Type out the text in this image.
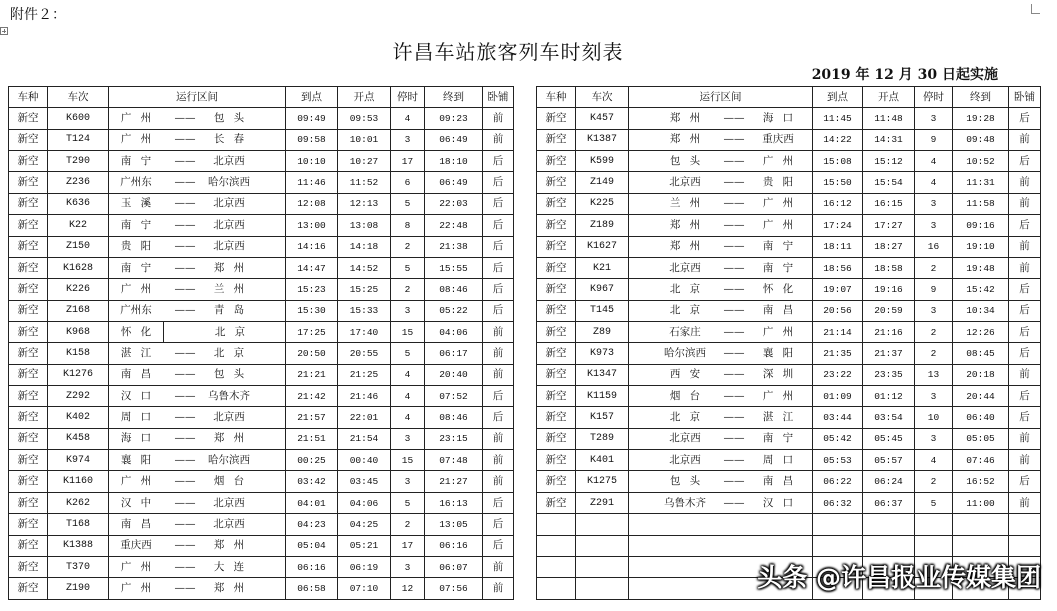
附件２：
许昌车站旅客列车时刻表
2019 年 12 月 30 日起实施
车种	车次	运行区间	到点	开点	停时	终到	卧铺
新空	K600	广 州 —— 包 头	09:49	09:53	4	09:23	前
新空	T124	广 州 —— 长 春	09:58	10:01	3	06:49	前
新空	T290	南 宁 —— 北京西	10:10	10:27	17	18:10	后
新空	Z236	广州东 —— 哈尔滨西	11:46	11:52	6	06:49	后
新空	K636	玉 溪 —— 北京西	12:08	12:13	5	22:03	后
新空	K22	南 宁 —— 北京西	13:00	13:08	8	22:48	后
新空	Z150	贵 阳 —— 北京西	14:16	14:18	2	21:38	后
新空	K1628	南 宁 —— 郑 州	14:47	14:52	5	15:55	后
新空	K226	广 州 —— 兰 州	15:23	15:25	2	08:46	后
新空	Z168	广州东 —— 青 岛	15:30	15:33	3	05:22	后
新空	K968	怀 化 北 京	17:25	17:40	15	04:06	前
新空	K158	湛 江 —— 北 京	20:50	20:55	5	06:17	前
新空	K1276	南 昌 —— 包 头	21:21	21:25	4	20:40	前
新空	Z292	汉 口 —— 乌鲁木齐	21:42	21:46	4	07:52	后
新空	K402	周 口 —— 北京西	21:57	22:01	4	08:46	后
新空	K458	海 口 —— 郑 州	21:51	21:54	3	23:15	前
新空	K974	襄 阳 —— 哈尔滨西	00:25	00:40	15	07:48	前
新空	K1160	广 州 —— 烟 台	03:42	03:45	3	21:27	前
新空	K262	汉 中 —— 北京西	04:01	04:06	5	16:13	后
新空	T168	南 昌 —— 北京西	04:23	04:25	2	13:05	后
新空	K1388	重庆西 —— 郑 州	05:04	05:21	17	06:16	后
新空	T370	广 州 —— 大 连	06:16	06:19	3	06:07	前
新空	Z190	广 州 —— 郑 州	06:58	07:10	12	07:56	前
车种	车次	运行区间	到点	开点	停时	终到	卧铺
新空	K457	郑 州 —— 海 口	11:45	11:48	3	19:28	后
新空	K1387	郑 州 —— 重庆西	14:22	14:31	9	09:48	前
新空	K599	包 头 —— 广 州	15:08	15:12	4	10:52	后
新空	Z149	北京西 —— 贵 阳	15:50	15:54	4	11:31	前
新空	K225	兰 州 —— 广 州	16:12	16:15	3	11:58	前
新空	Z189	郑 州 —— 广 州	17:24	17:27	3	09:16	后
新空	K1627	郑 州 —— 南 宁	18:11	18:27	16	19:10	前
新空	K21	北京西 —— 南 宁	18:56	18:58	2	19:48	前
新空	K967	北 京 —— 怀 化	19:07	19:16	9	15:42	后
新空	T145	北 京 —— 南 昌	20:56	20:59	3	10:34	后
新空	Z89	石家庄 —— 广 州	21:14	21:16	2	12:26	后
新空	K973	哈尔滨西 —— 襄 阳	21:35	21:37	2	08:45	后
新空	K1347	西 安 —— 深 圳	23:22	23:35	13	20:18	前
新空	K1159	烟 台 —— 广 州	01:09	01:12	3	20:44	后
新空	K157	北 京 —— 湛 江	03:44	03:54	10	06:40	后
新空	T289	北京西 —— 南 宁	05:42	05:45	3	05:05	前
新空	K401	北京西 —— 周 口	05:53	05:57	4	07:46	前
新空	K1275	包 头 —— 南 昌	06:22	06:24	2	16:52	后
新空	Z291	乌鲁木齐 —— 汉 口	06:32	06:37	5	11:00	前

头条 @许昌报业传媒集团
